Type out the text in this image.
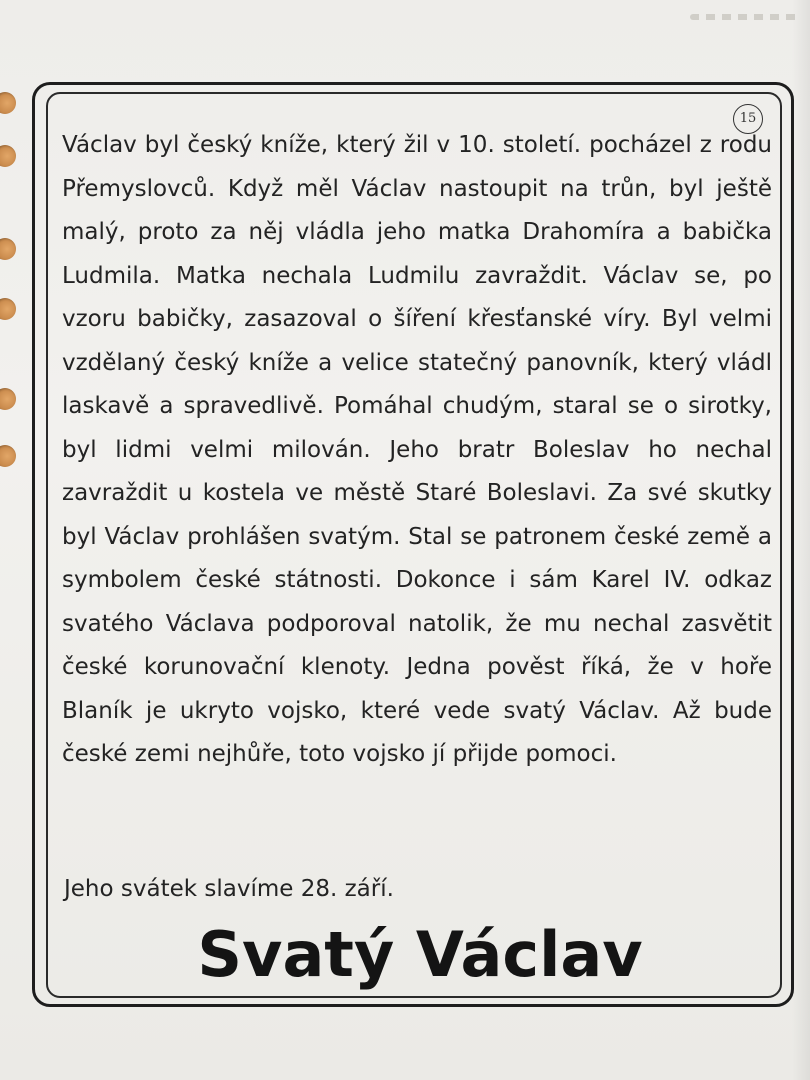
15

Václav byl český kníže, který žil v 10. století. pocházel z rodu Přemyslovců. Když měl Václav nastoupit na trůn, byl ještě malý, proto za něj vládla jeho matka Drahomíra a babička Ludmila. Matka nechala Ludmilu zavraždit. Václav se, po vzoru babičky, zasazoval o šíření křesťanské víry. Byl velmi vzdělaný český kníže a velice statečný panovník, který vládl laskavě a spravedlivě. Pomáhal chudým, staral se o sirotky, byl lidmi velmi milován. Jeho bratr Boleslav ho nechal zavraždit u kostela ve městě Staré Boleslavi. Za své skutky byl Václav prohlášen svatým. Stal se patronem české země a symbolem české státnosti. Dokonce i sám Karel IV. odkaz svatého Václava podporoval natolik, že mu nechal zasvětit české korunovační klenoty. Jedna pověst říká, že v hoře Blaník je ukryto vojsko, které vede svatý Václav. Až bude české zemi nejhůře, toto vojsko jí přijde pomoci.

Jeho svátek slavíme 28. září.

Svatý Václav
